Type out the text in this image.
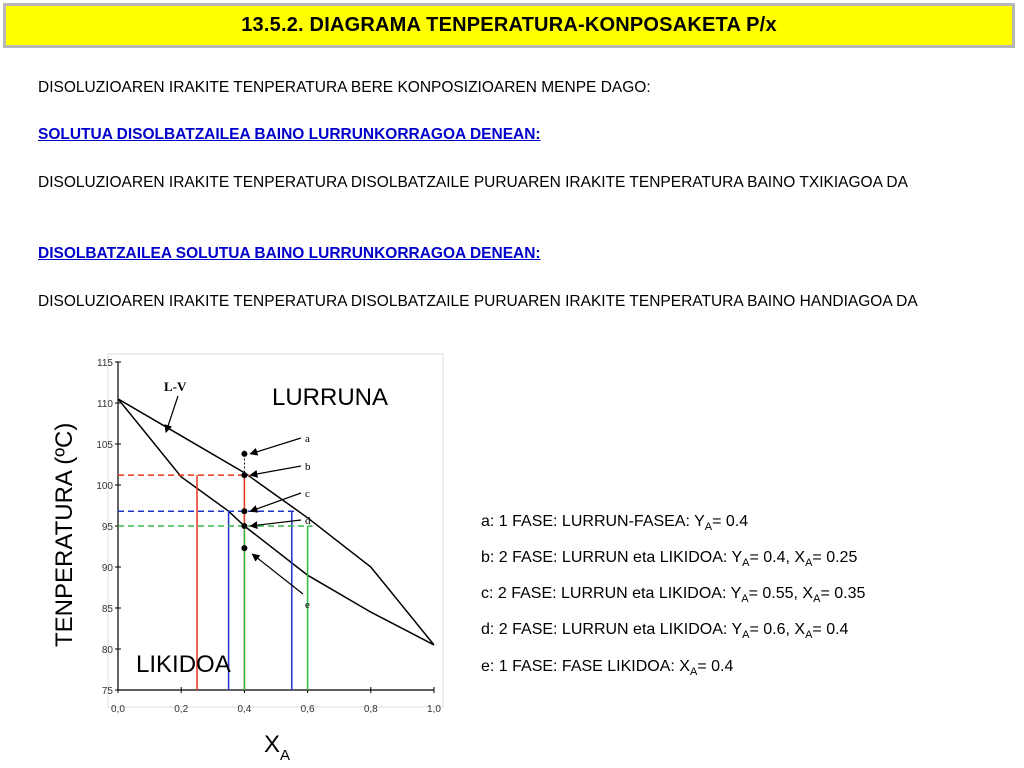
13.5.2. DIAGRAMA TENPERATURA-KONPOSAKETA P/x
DISOLUZIOAREN IRAKITE TENPERATURA BERE KONPOSIZIOAREN MENPE DAGO:
SOLUTUA DISOLBATZAILEA BAINO LURRUNKORRAGOA DENEAN:
DISOLUZIOAREN IRAKITE TENPERATURA DISOLBATZAILE PURUAREN IRAKITE TENPERATURA BAINO TXIKIAGOA DA
DISOLBATZAILEA SOLUTUA BAINO LURRUNKORRAGOA DENEAN:
DISOLUZIOAREN IRAKITE TENPERATURA DISOLBATZAILE PURUAREN IRAKITE TENPERATURA BAINO HANDIAGOA DA
75
80
85
90
95
100
105
110
115
0,0	0,2	0,4	0,6	0,8	1,0
a
b
c
d
e
LURRUNA
LIKIDOA
L-V
TENPERATURA (ºC)
$X_A$
a: 1 FASE: LURRUN-FASEA: $Y_A= 0.4$
b: 2 FASE: LURRUN eta LIKIDOA: $Y_A= 0.4$, $X_A= 0.25$
c: 2 FASE: LURRUN eta LIKIDOA: $Y_A= 0.55$, $X_A= 0.35$
d: 2 FASE: LURRUN eta LIKIDOA: $Y_A= 0.6$, $X_A= 0.4$
e: 1 FASE: FASE LIKIDOA: $X_A= 0.4$
